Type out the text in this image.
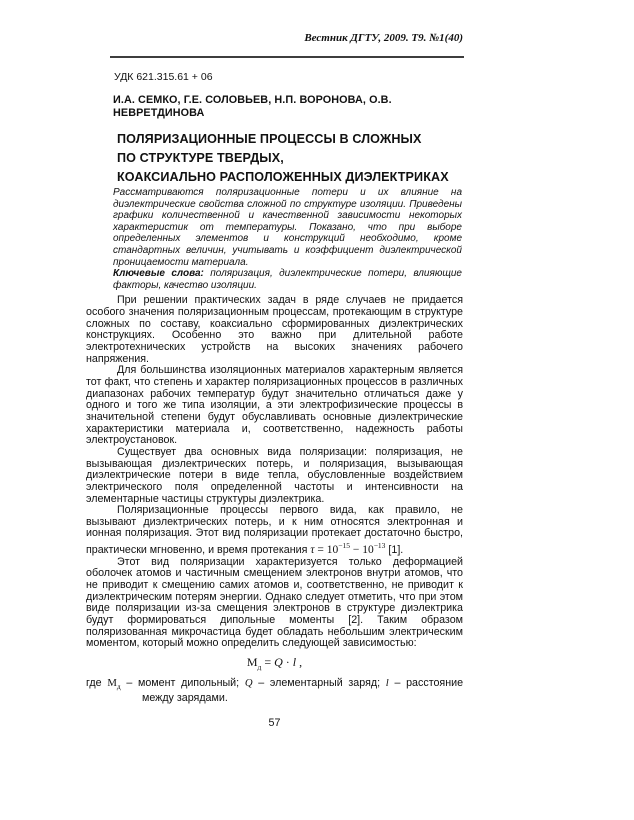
Вестник ДГТУ, 2009. Т9. №1(40)
УДК 621.315.61 + 06
И.А. СЕМКО, Г.Е. СОЛОВЬЕВ, Н.П. ВОРОНОВА, О.В. НЕВРЕТДИНОВА
ПОЛЯРИЗАЦИОННЫЕ ПРОЦЕССЫ В СЛОЖНЫХ
ПО СТРУКТУРЕ ТВЕРДЫХ,
КОАКСИАЛЬНО РАСПОЛОЖЕННЫХ ДИЭЛЕКТРИКАХ
Рассматриваются поляризационные потери и их влияние на диэлектрические свойства сложной по структуре изоляции. Приведены графики количественной и качественной зависимости некоторых характеристик от температуры. Показано, что при выборе определенных элементов и конструкций необходимо, кроме стандартных величин, учитывать и коэффициент диэлектрической проницаемости материала.
Ключевые слова: поляризация, диэлектрические потери, влияющие факторы, качество изоляции.

При решении практических задач в ряде случаев не придается особого значения поляризационным процессам, протекающим в структуре сложных по составу, коаксиально сформированных диэлектрических конструкциях. Особенно это важно при длительной работе электротехнических устройств на высоких значениях рабочего напряжения.

Для большинства изоляционных материалов характерным является тот факт, что степень и характер поляризационных процессов в различных диапазонах рабочих температур будут значительно отличаться даже у одного и того же типа изоляции, а эти электрофизические процессы в значительной степени будут обуславливать основные диэлектрические характеристики материала и, соответственно, надежность работы электроустановок.

Существует два основных вида поляризации: поляризация, не вызывающая диэлектрических потерь, и поляризация, вызывающая диэлектрические потери в виде тепла, обусловленные воздействием электрического поля определенной частоты и интенсивности на элементарные частицы структуры диэлектрика.

Поляризационные процессы первого вида, как правило, не вызывают диэлектрических потерь, и к ним относятся электронная и ионная поляризация. Этот вид поляризации протекает достаточно быстро, практически мгновенно, и время протекания $\tau = 10^{-15} - 10^{-13}$ [1].

Этот вид поляризации характеризуется только деформацией оболочек атомов и частичным смещением электронов внутри атомов, что не приводит к смещению самих атомов и, соответственно, не приводит к диэлектрическим потерям энергии. Однако следует отметить, что при этом виде поляризации из-за смещения электронов в структуре диэлектрика будут формироваться дипольные моменты [2]. Таким образом поляризованная микрочастица будет обладать небольшим электрическим моментом, который можно определить следующей зависимостью:

$M_д = Q \cdot l$ ,
где $М_д$ – момент дипольный; Q – элементарный заряд; l – расстояние между зарядами.
57
